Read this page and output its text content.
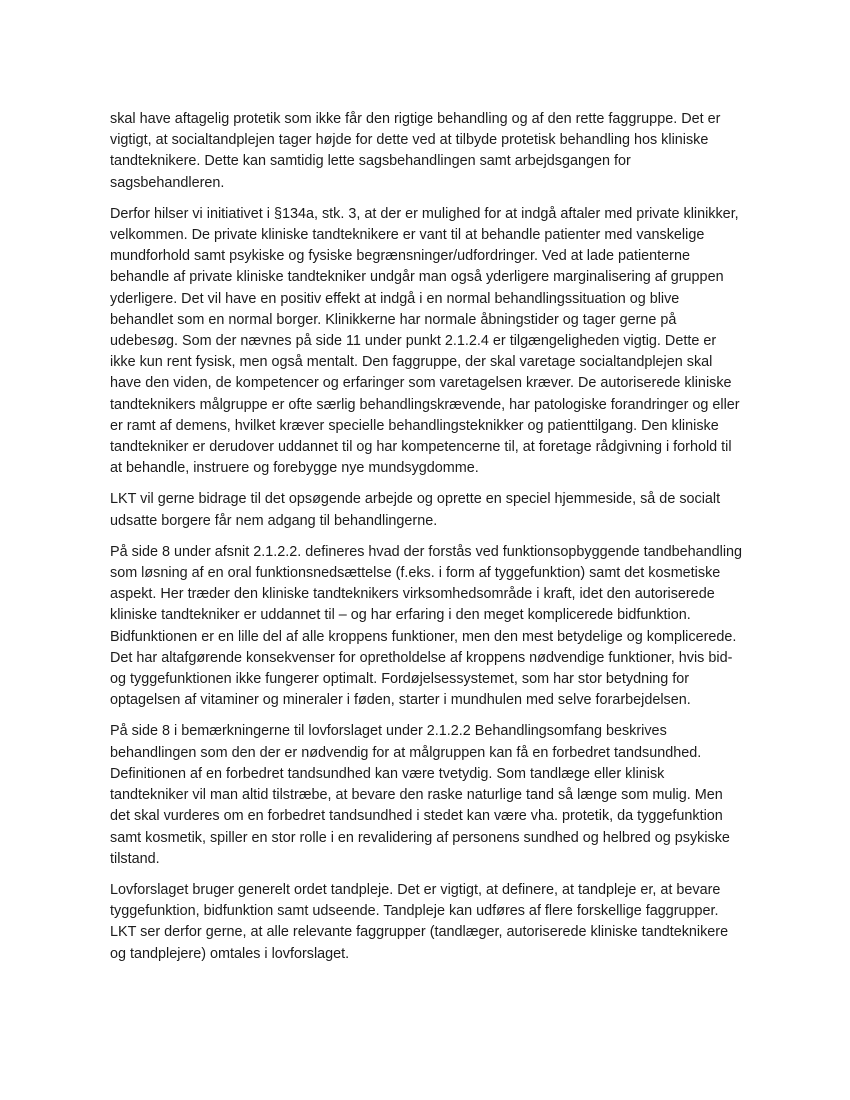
skal have aftagelig protetik som ikke får den rigtige behandling og af den rette faggruppe. Det er vigtigt, at socialtandplejen tager højde for dette ved at tilbyde protetisk behandling hos kliniske tandteknikere. Dette kan samtidig lette sagsbehandlingen samt arbejdsgangen for sagsbehandleren.

Derfor hilser vi initiativet i §134a, stk. 3, at der er mulighed for at indgå aftaler med private klinikker, velkommen. De private kliniske tandteknikere er vant til at behandle patienter med vanskelige mundforhold samt psykiske og fysiske begrænsninger/udfordringer. Ved at lade patienterne behandle af private kliniske tandtekniker undgår man også yderligere marginalisering af gruppen yderligere. Det vil have en positiv effekt at indgå i en normal behandlingssituation og blive behandlet som en normal borger. Klinikkerne har normale åbningstider og tager gerne på udebesøg. Som der nævnes på side 11 under punkt 2.1.2.4 er tilgængeligheden vigtig. Dette er ikke kun rent fysisk, men også mentalt. Den faggruppe, der skal varetage socialtandplejen skal have den viden, de kompetencer og erfaringer som varetagelsen kræver. De autoriserede kliniske tandteknikers målgruppe er ofte særlig behandlingskrævende, har patologiske forandringer og eller er ramt af demens, hvilket kræver specielle behandlingsteknikker og patienttilgang. Den kliniske tandtekniker er derudover uddannet til og har kompetencerne til, at foretage rådgivning i forhold til at behandle, instruere og forebygge nye mundsygdomme.

LKT vil gerne bidrage til det opsøgende arbejde og oprette en speciel hjemmeside, så de socialt udsatte borgere får nem adgang til behandlingerne.

På side 8 under afsnit 2.1.2.2. defineres hvad der forstås ved funktionsopbyggende tandbehandling som løsning af en oral funktionsnedsættelse (f.eks. i form af tyggefunktion) samt det kosmetiske aspekt. Her træder den kliniske tandteknikers virksomhedsområde i kraft, idet den autoriserede kliniske tandtekniker er uddannet til – og har erfaring i den meget komplicerede bidfunktion. Bidfunktionen er en lille del af alle kroppens funktioner, men den mest betydelige og komplicerede. Det har altafgørende konsekvenser for opretholdelse af kroppens nødvendige funktioner, hvis bid- og tyggefunktionen ikke fungerer optimalt. Fordøjelsessystemet, som har stor betydning for optagelsen af vitaminer og mineraler i føden, starter i mundhulen med selve forarbejdelsen.

På side 8 i bemærkningerne til lovforslaget under 2.1.2.2 Behandlingsomfang beskrives behandlingen som den der er nødvendig for at målgruppen kan få en forbedret tandsundhed. Definitionen af en forbedret tandsundhed kan være tvetydig. Som tandlæge eller klinisk tandtekniker vil man altid tilstræbe, at bevare den raske naturlige tand så længe som mulig. Men det skal vurderes om en forbedret tandsundhed i stedet kan være vha. protetik, da tyggefunktion samt kosmetik, spiller en stor rolle i en revalidering af personens sundhed og helbred og psykiske tilstand.

Lovforslaget bruger generelt ordet tandpleje. Det er vigtigt, at definere, at tandpleje er, at bevare tyggefunktion, bidfunktion samt udseende. Tandpleje kan udføres af flere forskellige faggrupper. LKT ser derfor gerne, at alle relevante faggrupper (tandlæger, autoriserede kliniske tandteknikere og tandplejere) omtales i lovforslaget.
